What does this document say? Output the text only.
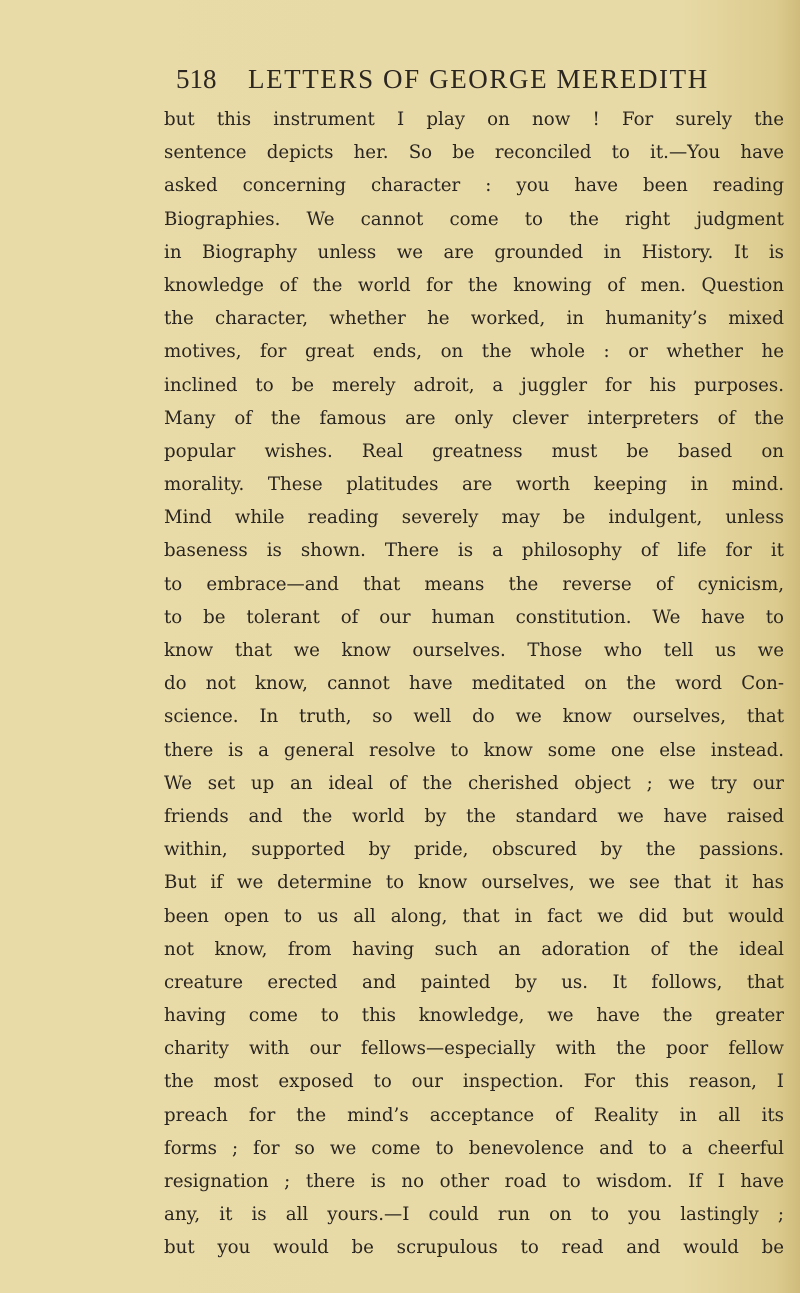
518 LETTERS OF GEORGE MEREDITH
but this instrument I play on now ! For surely the
sentence depicts her. So be reconciled to it.—You have
asked concerning character : you have been reading
Biographies. We cannot come to the right judgment
in Biography unless we are grounded in History. It is
knowledge of the world for the knowing of men. Question
the character, whether he worked, in humanity’s mixed
motives, for great ends, on the whole : or whether he
inclined to be merely adroit, a juggler for his purposes.
Many of the famous are only clever interpreters of the
popular wishes. Real greatness must be based on
morality. These platitudes are worth keeping in mind.
Mind while reading severely may be indulgent, unless
baseness is shown. There is a philosophy of life for it
to embrace—and that means the reverse of cynicism,
to be tolerant of our human constitution. We have to
know that we know ourselves. Those who tell us we
do not know, cannot have meditated on the word Con-
science. In truth, so well do we know ourselves, that
there is a general resolve to know some one else instead.
We set up an ideal of the cherished object ; we try our
friends and the world by the standard we have raised
within, supported by pride, obscured by the passions.
But if we determine to know ourselves, we see that it has
been open to us all along, that in fact we did but would
not know, from having such an adoration of the ideal
creature erected and painted by us. It follows, that
having come to this knowledge, we have the greater
charity with our fellows—especially with the poor fellow
the most exposed to our inspection. For this reason, I
preach for the mind’s acceptance of Reality in all its
forms ; for so we come to benevolence and to a cheerful
resignation ; there is no other road to wisdom. If I have
any, it is all yours.—I could run on to you lastingly ;
but you would be scrupulous to read and would be
